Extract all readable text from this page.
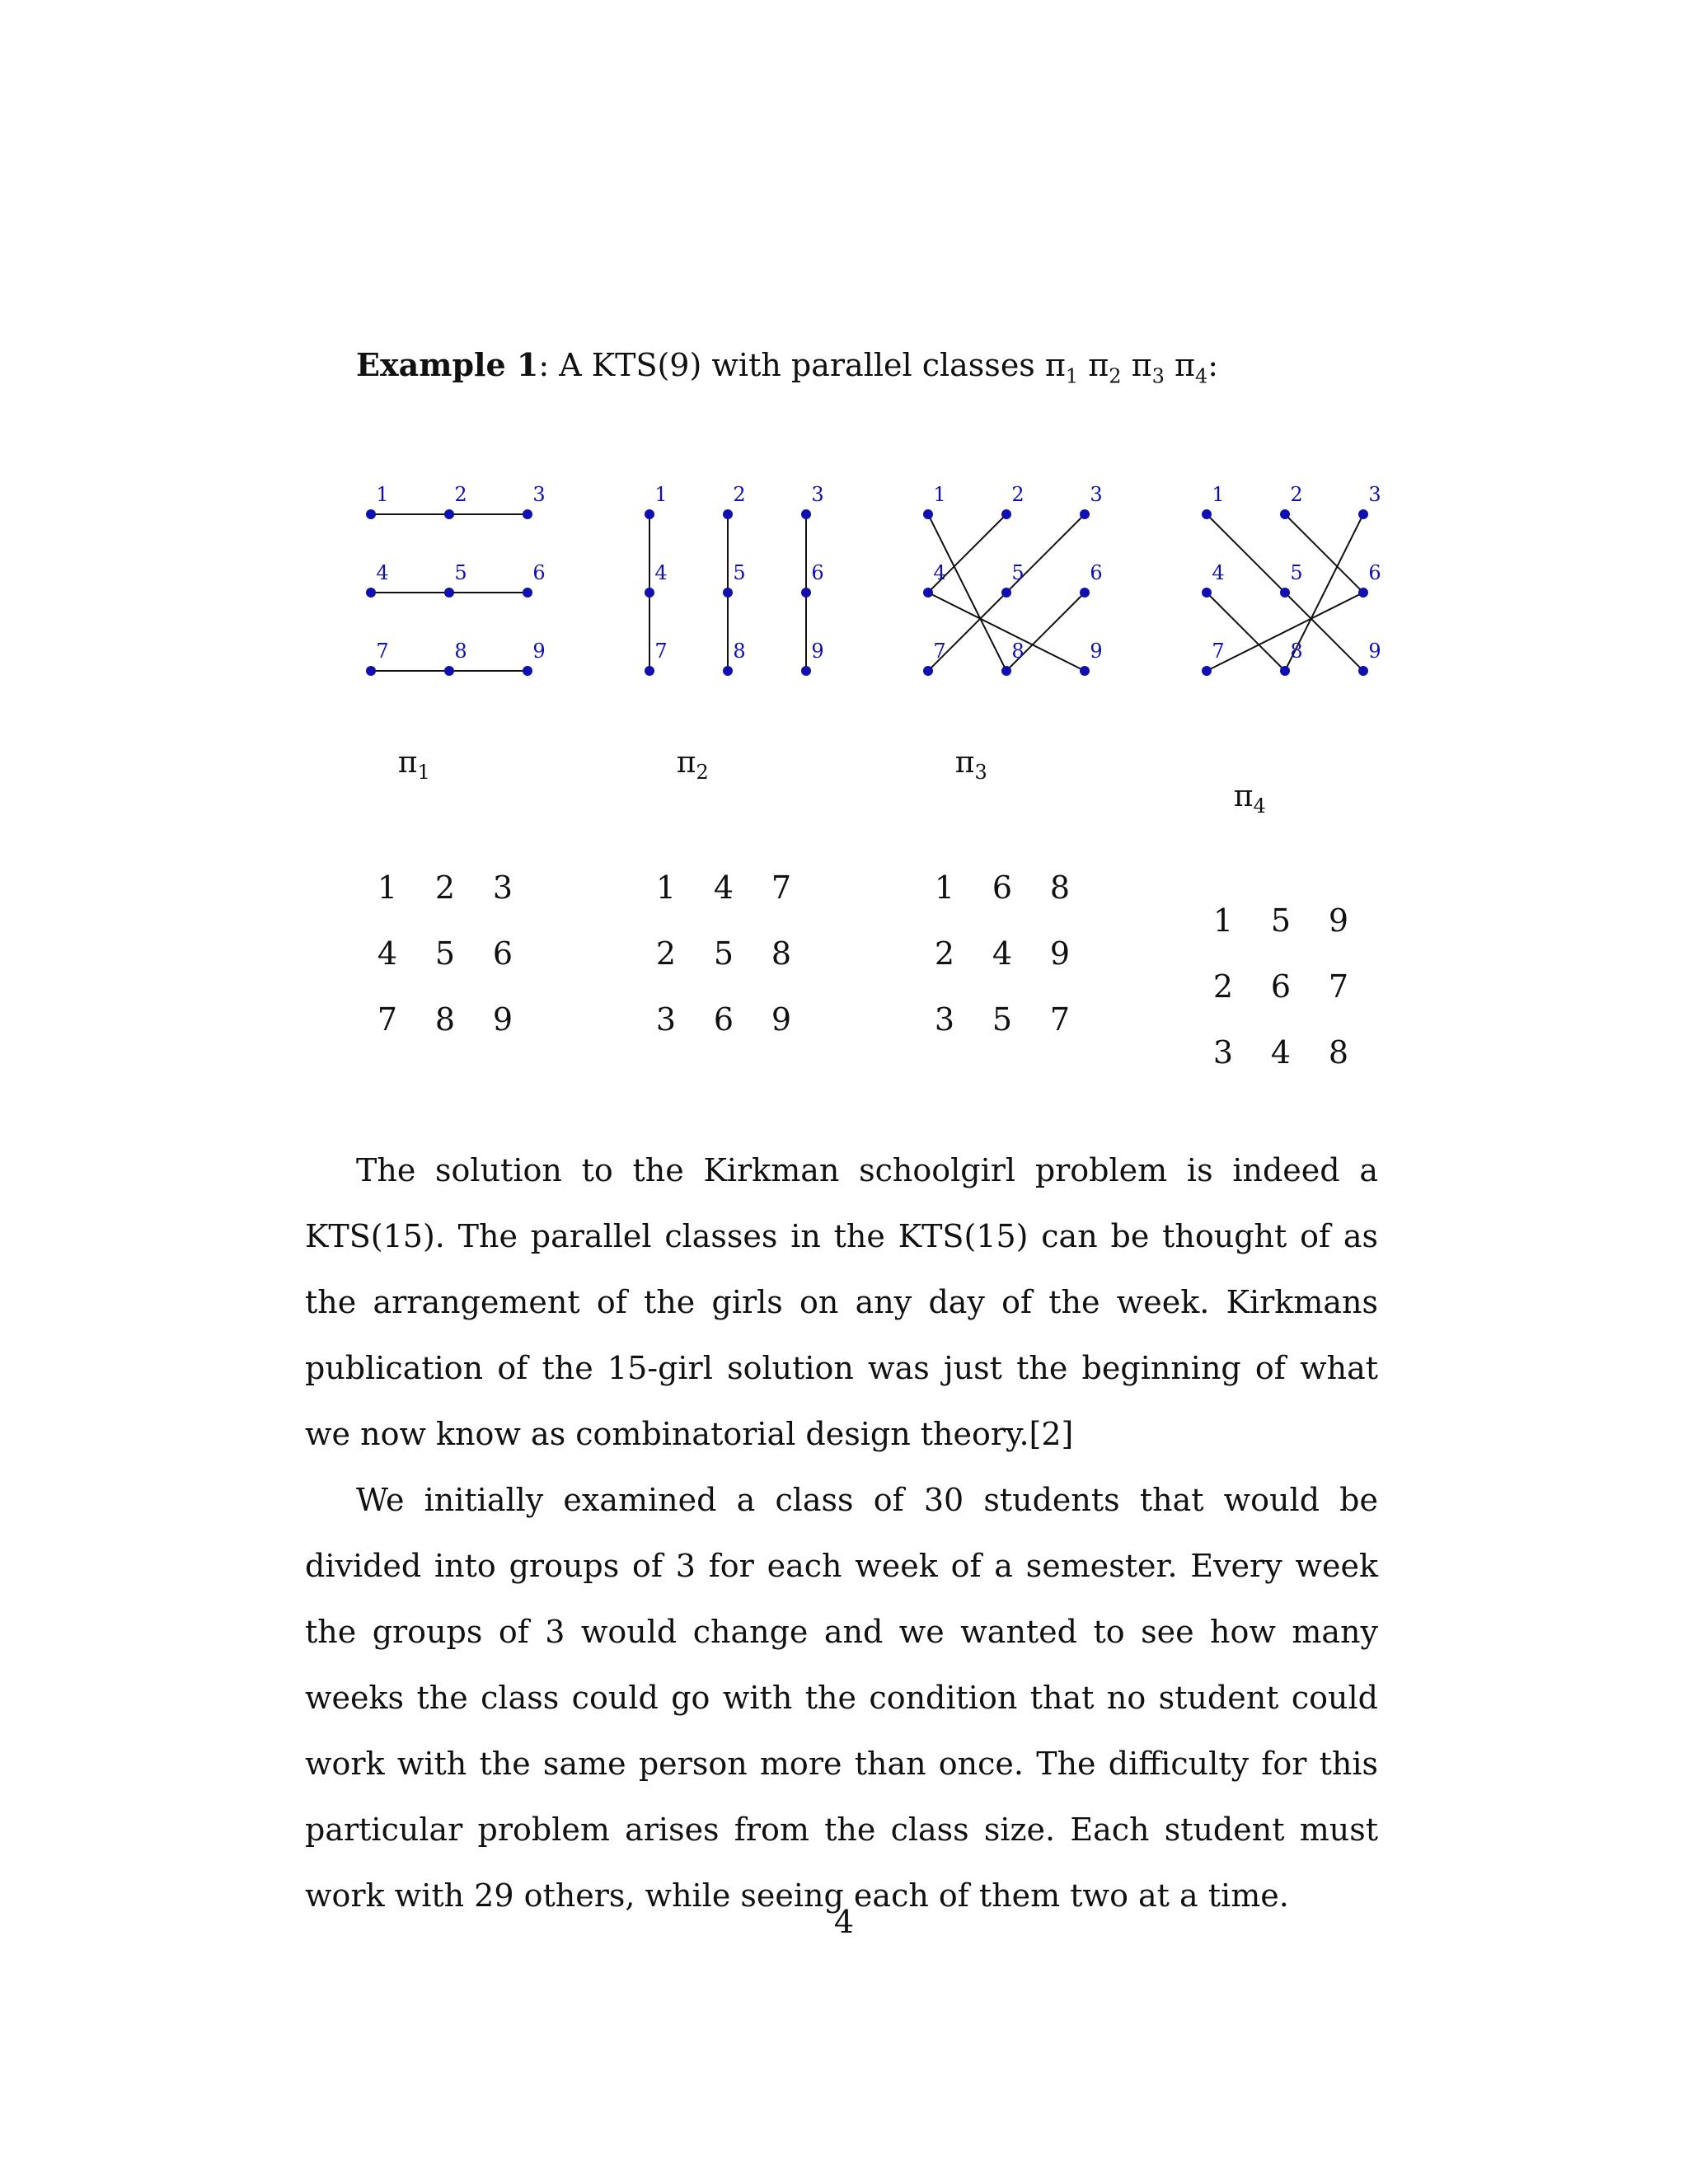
Example 1: A KTS(9) with parallel classes $\pi_1$ $\pi_2$ $\pi_3$ $\pi_4$:
1	2	3
4	5	6
7	8	9
$\pi_1$
1 2 3
4 5 6
7 8 9
1	2	3
4	5	6
7	8	9
$\pi_2$
1 4 7
2 5 8
3 6 9
1	2	3
4	5	6
7	8	9
$\pi_3$
1 6 8
2 4 9
3 5 7
1	2	3
4	5	6
7	8	9
$\pi_4$
1 5 9
2 6 7
3 4 8

The solution to the Kirkman schoolgirl problem is indeed a KTS(15). The parallel classes in the KTS(15) can be thought of as the arrangement of the girls on any day of the week. Kirkmans publication of the 15-girl solution was just the beginning of what we now know as combinatorial design theory.[2]

We initially examined a class of 30 students that would be divided into groups of 3 for each week of a semester. Every week the groups of 3 would change and we wanted to see how many weeks the class could go with the condition that no student could work with the same person more than once. The difficulty for this particular problem arises from the class size. Each student must work with 29 others, while seeing each of them two at a time.

4
